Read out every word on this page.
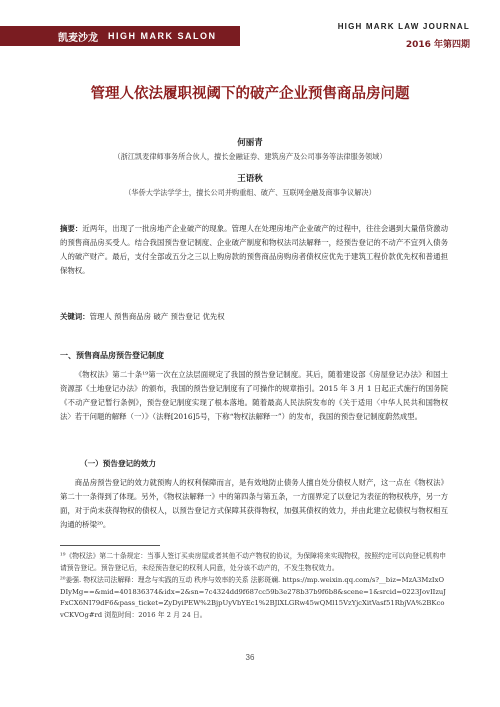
凯麦沙龙 HIGH MARK SALON
HIGH MARK LAW JOURNAL
2016 年第四期
管理人依法履职视阈下的破产企业预售商品房问题
何丽青
（浙江凯麦律师事务所合伙人，擅长金融证券、建筑房产及公司事务等法律服务领域）
王语秋
（华侨大学法学学士，擅长公司并购重组、破产、互联网金融及商事争议解决）
摘要：近两年，出现了一批房地产企业破产的现象。管理人在处理房地产企业破产的过程中，往往会遇到大量借贷激动的预售商品房买受人。结合我国预告登记制度、企业破产制度和物权法司法解释一，经预告登记的不动产不宜列入债务人的破产财产。最后，支付全部或五分之三以上购房款的预售商品房购房者债权应优先于建筑工程价款优先权和普通担保物权。
关键词：管理人 预售商品房 破产 预告登记 优先权
一、预售商品房预告登记制度
《物权法》第二十条¹⁹第一次在立法层面规定了我国的预告登记制度。其后，随着建设部《房屋登记办法》和国土资源部《土地登记办法》的颁布，我国的预告登记制度有了可操作的规章指引。2015 年 3 月 1 日起正式施行的国务院《不动产登记暂行条例》，预告登记制度实现了根本落地。随着最高人民法院发布的《关于适用〈中华人民共和国物权法〉若干问题的解释（一）》（法释[2016]5号，下称“物权法解释一”）的发布，我国的预告登记制度蔚然成型。
（一）预告登记的效力
商品房预告登记的效力就预购人的权利保障而言，是有效地防止债务人擅自处分债权人财产，这一点在《物权法》第二十一条得到了体现。另外，《物权法解释一》中的第四条与第五条，一方面界定了以登记为表征的物权秩序，另一方面，对于尚未获得物权的债权人，以预告登记方式保障其获得物权，加强其债权的效力，并由此建立起债权与物权相互沟通的桥梁²⁰。

¹⁹《物权法》第二十条规定：当事人签订买卖房屋或者其他不动产物权的协议，为保障将来实现物权，按照约定可以向登记机构申请预告登记。预告登记后，未经预告登记的权利人同意，处分该不动产的，不发生物权效力。

²⁰姜强. 物权法司法解释：理念与实践的互动 秩序与效率的关系 法影斑斓. https://mp.weixin.qq.com/s?__biz=MzA3MzIxODIyMg==&mid=401836374&idx=2&sn=7c4324dd9f687cc59b3e278b37b9f6b8&scene=1&srcid=0223JovIIzuJFxCX6NI79dF6&pass_ticket=ZyDyiPEW%2BjpUyVbYEc1%2BJlXLGRw45wQMl15VzYjcXitVasf51RbjVA%2BKcovCKVOg#rd 浏览时间：2016 年 2 月 24 日。

36
